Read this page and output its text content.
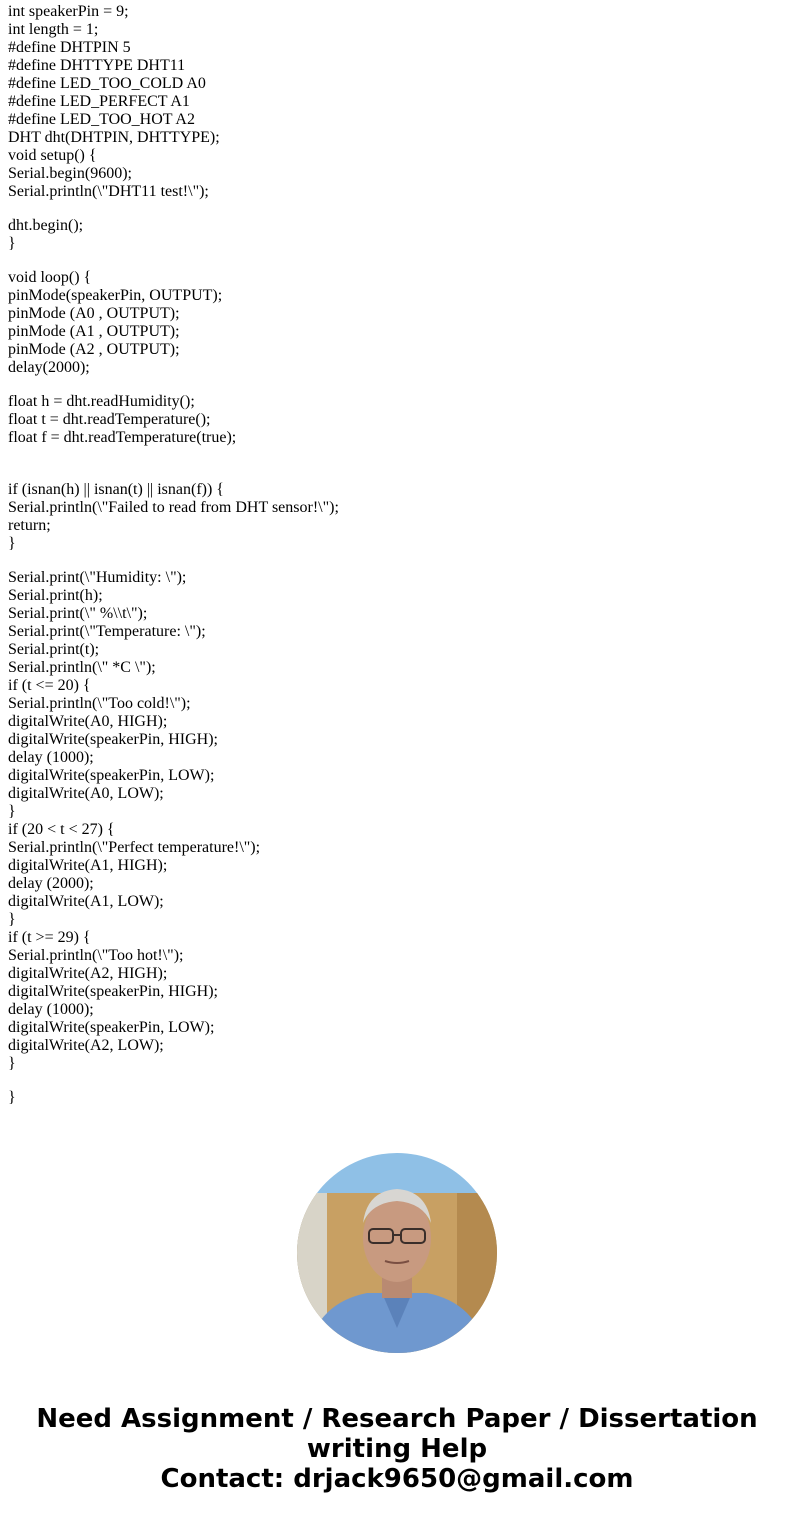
int speakerPin = 9;
int length = 1;
#define DHTPIN 5
#define DHTTYPE DHT11
#define LED_TOO_COLD A0
#define LED_PERFECT A1
#define LED_TOO_HOT A2
DHT dht(DHTPIN, DHTTYPE);
void setup() {
Serial.begin(9600);
Serial.println(\"DHT11 test!\");
dht.begin();
}
void loop() {
pinMode(speakerPin, OUTPUT);
pinMode (A0 , OUTPUT);
pinMode (A1 , OUTPUT);
pinMode (A2 , OUTPUT);
delay(2000);
float h = dht.readHumidity();
float t = dht.readTemperature();
float f = dht.readTemperature(true);
if (isnan(h) || isnan(t) || isnan(f)) {
Serial.println(\"Failed to read from DHT sensor!\");
return;
}
Serial.print(\"Humidity: \");
Serial.print(h);
Serial.print(\" %\\t\");
Serial.print(\"Temperature: \");
Serial.print(t);
Serial.println(\" *C \");
if (t <= 20) {
Serial.println(\"Too cold!\");
digitalWrite(A0, HIGH);
digitalWrite(speakerPin, HIGH);
delay (1000);
digitalWrite(speakerPin, LOW);
digitalWrite(A0, LOW);
}
if (20 < t < 27) {
Serial.println(\"Perfect temperature!\");
digitalWrite(A1, HIGH);
delay (2000);
digitalWrite(A1, LOW);
}
if (t >= 29) {
Serial.println(\"Too hot!\");
digitalWrite(A2, HIGH);
digitalWrite(speakerPin, HIGH);
delay (1000);
digitalWrite(speakerPin, LOW);
digitalWrite(A2, LOW);
}
}
Need Assignment / Research Paper / Dissertation
writing Help
Contact: drjack9650@gmail.com
